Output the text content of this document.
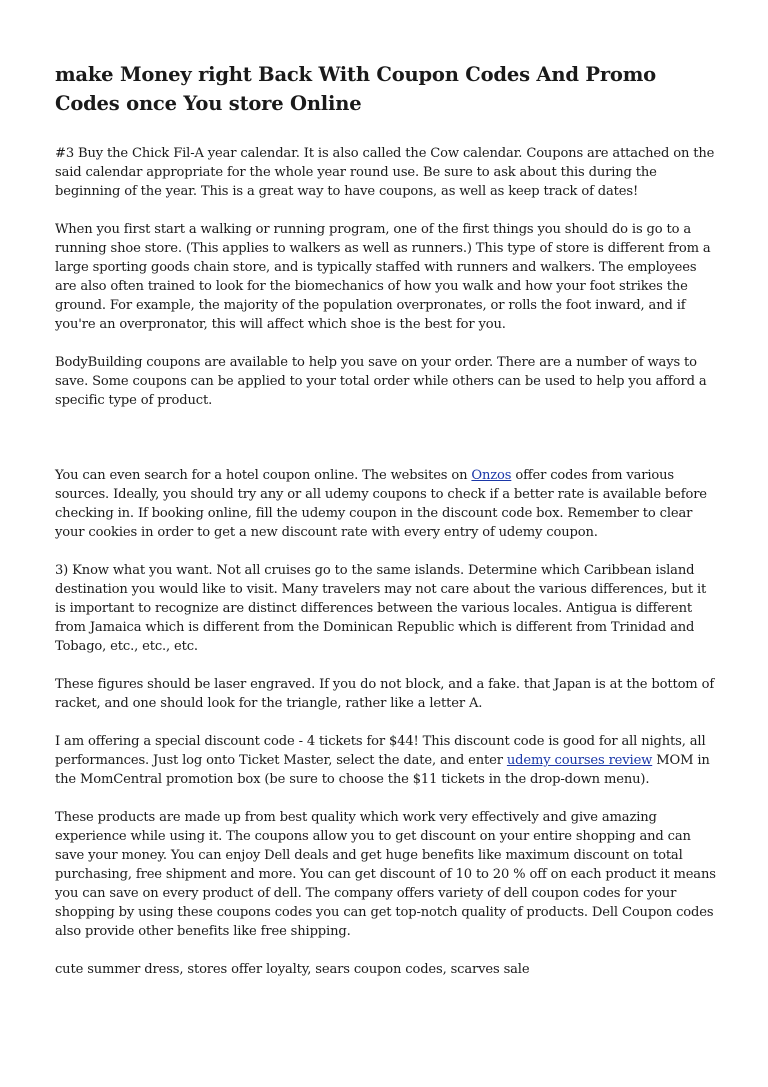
make Money right Back With Coupon Codes And Promo Codes once You store Online

#3 Buy the Chick Fil-A year calendar. It is also called the Cow calendar. Coupons are attached on the said calendar appropriate for the whole year round use. Be sure to ask about this during the beginning of the year. This is a great way to have coupons, as well as keep track of dates!

When you first start a walking or running program, one of the first things you should do is go to a running shoe store. (This applies to walkers as well as runners.) This type of store is different from a large sporting goods chain store, and is typically staffed with runners and walkers. The employees are also often trained to look for the biomechanics of how you walk and how your foot strikes the ground. For example, the majority of the population overpronates, or rolls the foot inward, and if you're an overpronator, this will affect which shoe is the best for you.

BodyBuilding coupons are available to help you save on your order. There are a number of ways to save. Some coupons can be applied to your total order while others can be used to help you afford a specific type of product.

You can even search for a hotel coupon online. The websites on Onzos offer codes from various sources. Ideally, you should try any or all udemy coupons to check if a better rate is available before checking in. If booking online, fill the udemy coupon in the discount code box. Remember to clear your cookies in order to get a new discount rate with every entry of udemy coupon.

3) Know what you want. Not all cruises go to the same islands. Determine which Caribbean island destination you would like to visit. Many travelers may not care about the various differences, but it is important to recognize are distinct differences between the various locales. Antigua is different from Jamaica which is different from the Dominican Republic which is different from Trinidad and Tobago, etc., etc., etc.

These figures should be laser engraved. If you do not block, and a fake. that Japan is at the bottom of racket, and one should look for the triangle, rather like a letter A.

I am offering a special discount code - 4 tickets for $44! This discount code is good for all nights, all performances. Just log onto Ticket Master, select the date, and enter udemy courses review MOM in the MomCentral promotion box (be sure to choose the $11 tickets in the drop-down menu).

These products are made up from best quality which work very effectively and give amazing experience while using it. The coupons allow you to get discount on your entire shopping and can save your money. You can enjoy Dell deals and get huge benefits like maximum discount on total purchasing, free shipment and more. You can get discount of 10 to 20 % off on each product it means you can save on every product of dell. The company offers variety of dell coupon codes for your shopping by using these coupons codes you can get top-notch quality of products. Dell Coupon codes also provide other benefits like free shipping.

cute summer dress, stores offer loyalty, sears coupon codes, scarves sale
